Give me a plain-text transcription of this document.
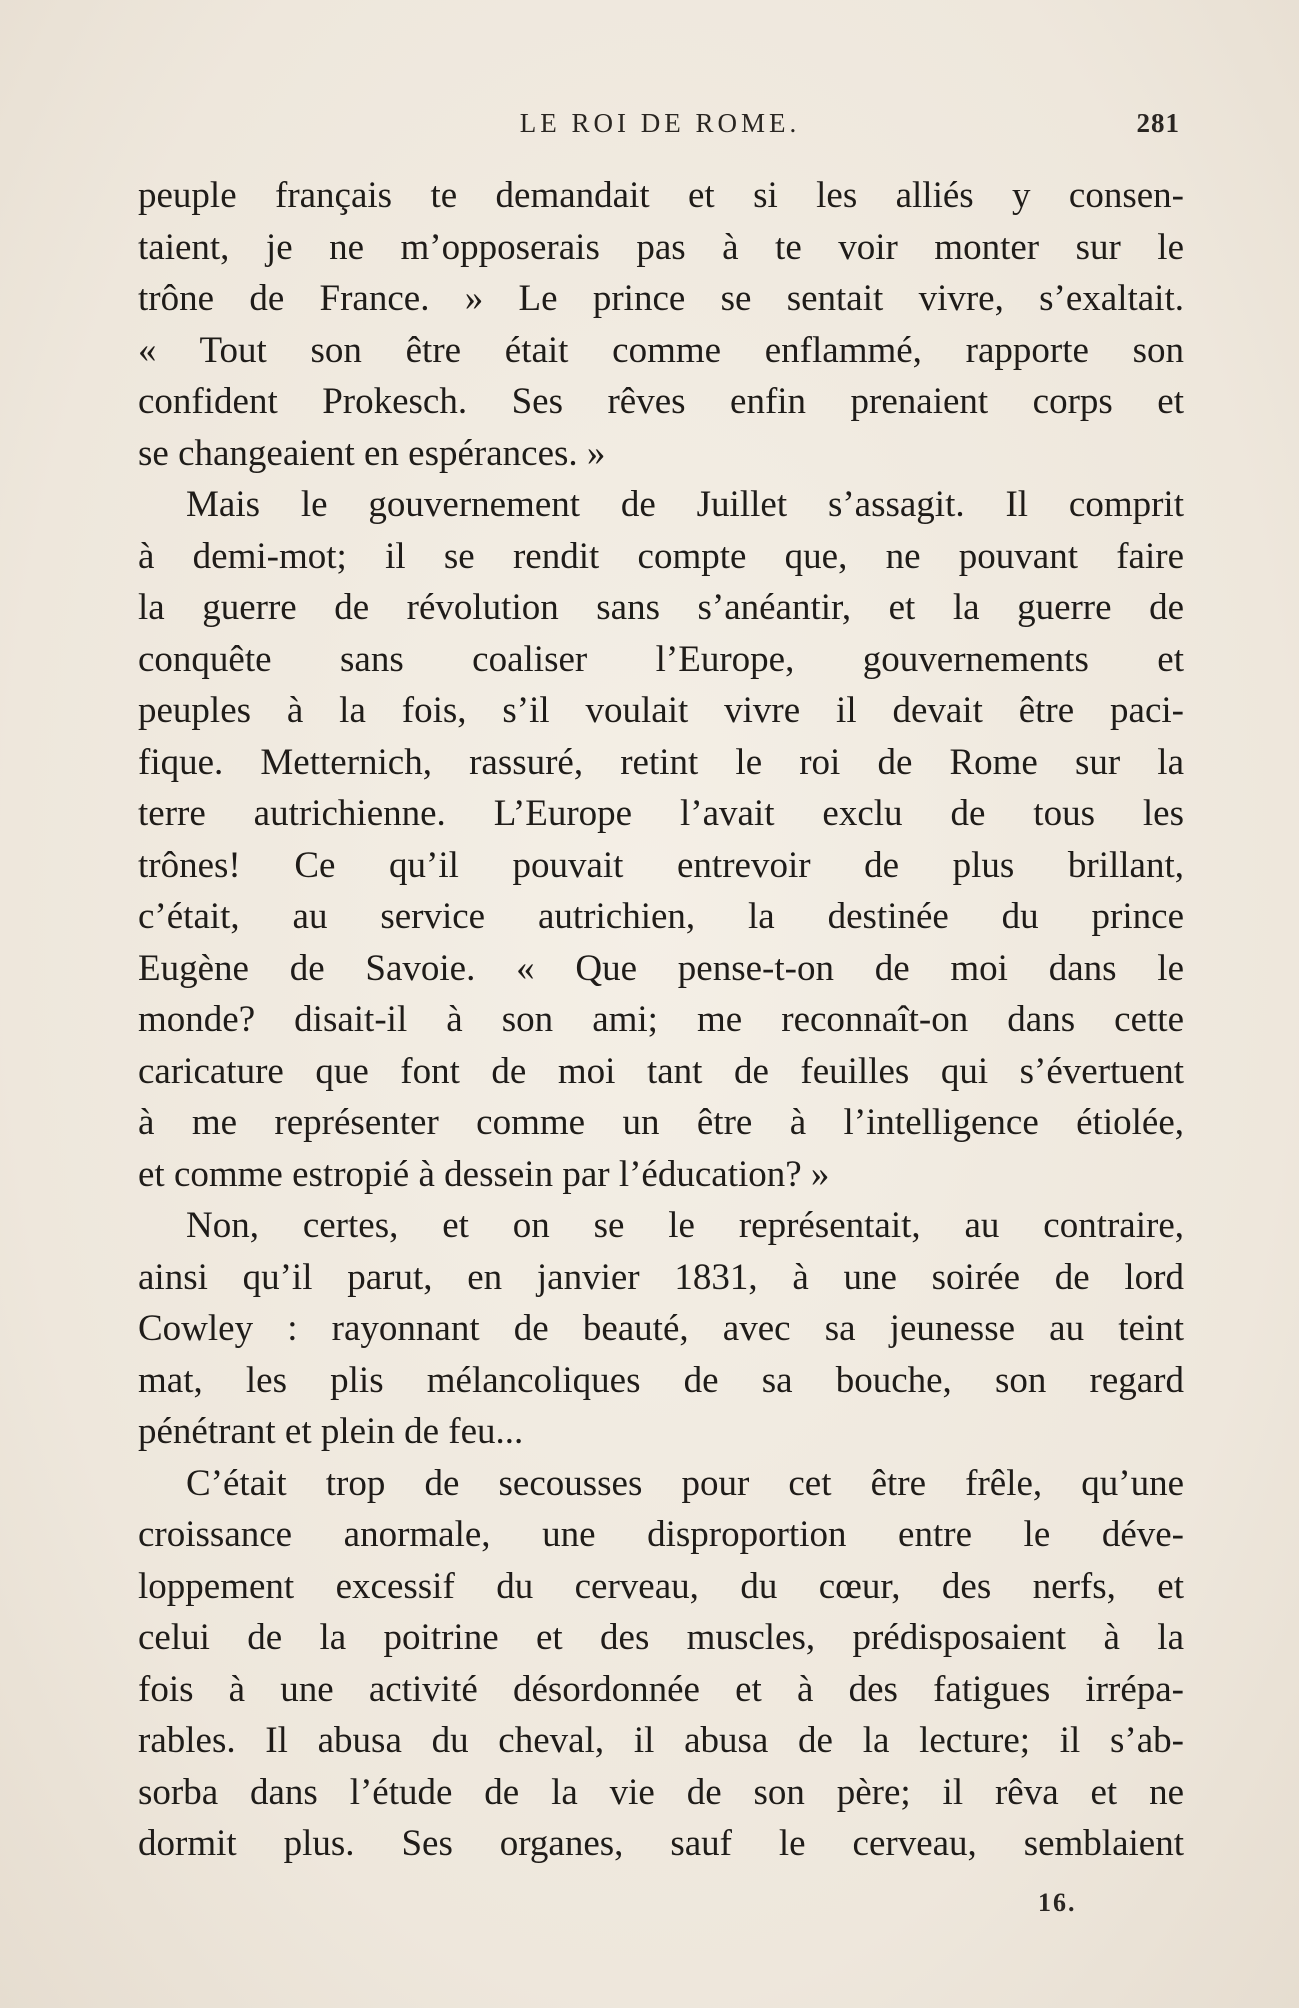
LE ROI DE ROME.	281
peuple français te demandait et si les alliés y consen-
taient, je ne m’opposerais pas à te voir monter sur le
trône de France. » Le prince se sentait vivre, s’exaltait.
« Tout son être était comme enflammé, rapporte son
confident Prokesch. Ses rêves enfin prenaient corps et
se changeaient en espérances. »
Mais le gouvernement de Juillet s’assagit. Il comprit
à demi-mot; il se rendit compte que, ne pouvant faire
la guerre de révolution sans s’anéantir, et la guerre de
conquête sans coaliser l’Europe, gouvernements et
peuples à la fois, s’il voulait vivre il devait être paci-
fique. Metternich, rassuré, retint le roi de Rome sur la
terre autrichienne. L’Europe l’avait exclu de tous les
trônes! Ce qu’il pouvait entrevoir de plus brillant,
c’était, au service autrichien, la destinée du prince
Eugène de Savoie. « Que pense-t-on de moi dans le
monde? disait-il à son ami; me reconnaît-on dans cette
caricature que font de moi tant de feuilles qui s’évertuent
à me représenter comme un être à l’intelligence étiolée,
et comme estropié à dessein par l’éducation? »
Non, certes, et on se le représentait, au contraire,
ainsi qu’il parut, en janvier 1831, à une soirée de lord
Cowley : rayonnant de beauté, avec sa jeunesse au teint
mat, les plis mélancoliques de sa bouche, son regard
pénétrant et plein de feu...
C’était trop de secousses pour cet être frêle, qu’une
croissance anormale, une disproportion entre le déve-
loppement excessif du cerveau, du cœur, des nerfs, et
celui de la poitrine et des muscles, prédisposaient à la
fois à une activité désordonnée et à des fatigues irrépa-
rables. Il abusa du cheval, il abusa de la lecture; il s’ab-
sorba dans l’étude de la vie de son père; il rêva et ne
dormit plus. Ses organes, sauf le cerveau, semblaient
16.
